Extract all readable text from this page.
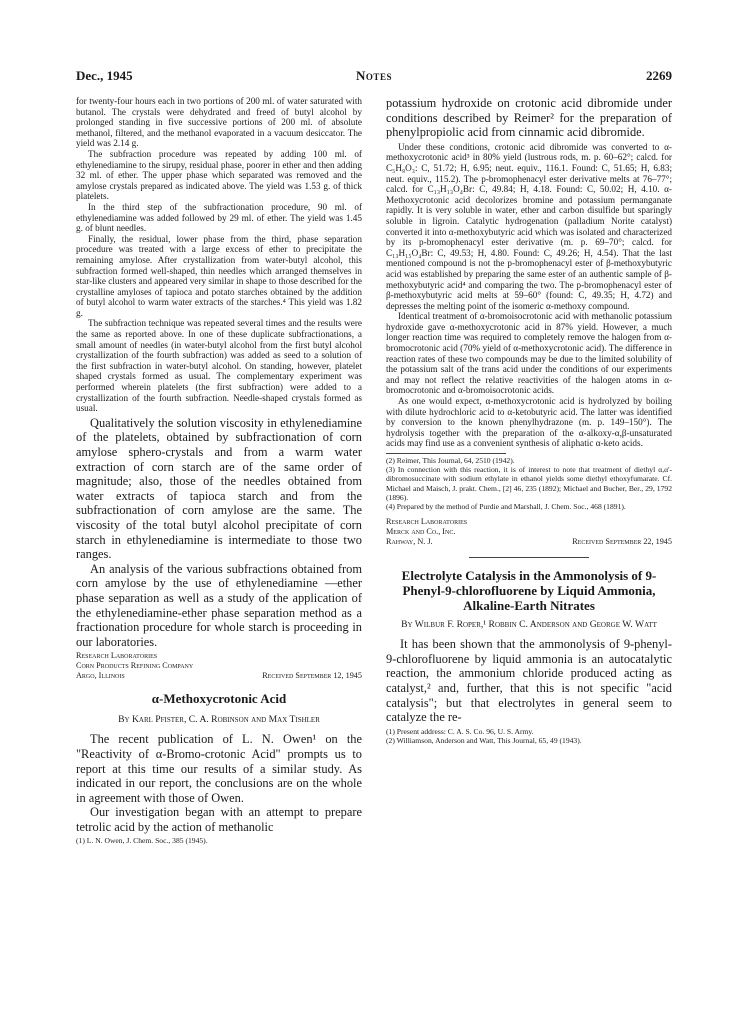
Dec., 1945	Notes	2269

for twenty-four hours each in two portions of 200 ml. of water saturated with butanol. The crystals were dehydrated and freed of butyl alcohol by prolonged standing in five successive portions of 200 ml. of absolute methanol, filtered, and the methanol evaporated in a vacuum desiccator. The yield was 2.14 g.

The subfraction procedure was repeated by adding 100 ml. of ethylenediamine to the sirupy, residual phase, poorer in ether and then adding 32 ml. of ether. The upper phase which separated was removed and the amylose crystals prepared as indicated above. The yield was 1.53 g. of thick platelets.

In the third step of the subfractionation procedure, 90 ml. of ethylenediamine was added followed by 29 ml. of ether. The yield was 1.45 g. of blunt needles.

Finally, the residual, lower phase from the third, phase separation procedure was treated with a large excess of ether to precipitate the remaining amylose. After crystallization from water-butyl alcohol, this subfraction formed well-shaped, thin needles which arranged themselves in star-like clusters and appeared very similar in shape to those described for the crystalline amyloses of tapioca and potato starches obtained by the addition of butyl alcohol to warm water extracts of the starches.⁴ This yield was 1.82 g.

The subfraction technique was repeated several times and the results were the same as reported above. In one of these duplicate subfractionations, a small amount of needles (in water-butyl alcohol from the first butyl alcohol crystallization of the fourth subfraction) was added as seed to a solution of the first subfraction in water-butyl alcohol. On standing, however, platelet shaped crystals formed as usual. The complementary experiment was performed wherein platelets (the first subfraction) were added to a crystallization of the fourth subfraction. Needle-shaped crystals formed as usual.

Qualitatively the solution viscosity in ethylenediamine of the platelets, obtained by subfractionation of corn amylose sphero-crystals and from a warm water extraction of corn starch are of the same order of magnitude; also, those of the needles obtained from water extracts of tapioca starch and from the subfractionation of corn amylose are the same. The viscosity of the total butyl alcohol precipitate of corn starch in ethylenediamine is intermediate to those two ranges.

An analysis of the various subfractions obtained from corn amylose by the use of ethylenediamine —ether phase separation as well as a study of the application of the ethylenediamine-ether phase separation method as a fractionation procedure for whole starch is proceeding in our laboratories.

Research Laboratories
Corn Products Refining Company
Argo, Illinois	Received September 12, 1945
α-Methoxycrotonic Acid
By Karl Pfister, C. A. Robinson and Max Tishler

The recent publication of L. N. Owen¹ on the "Reactivity of α-Bromo-crotonic Acid" prompts us to report at this time our results of a similar study. As indicated in our report, the conclusions are on the whole in agreement with those of Owen.

Our investigation began with an attempt to prepare tetrolic acid by the action of methanolic

(1) L. N. Owen, J. Chem. Soc., 385 (1945).

potassium hydroxide on crotonic acid dibromide under conditions described by Reimer² for the preparation of phenylpropiolic acid from cinnamic acid dibromide.

Under these conditions, crotonic acid dibromide was converted to α-methoxycrotonic acid³ in 80% yield (lustrous rods, m. p. 60–62°; calcd. for C₅H₈O₃: C, 51.72; H, 6.95; neut. equiv., 116.1. Found: C, 51.65; H, 6.83; neut. equiv., 115.2). The p-bromophenacyl ester derivative melts at 76–77°; calcd. for C₁₃H₁₃O₄Br: C, 49.84; H, 4.18. Found: C, 50.02; H, 4.10. α-Methoxycrotonic acid decolorizes bromine and potassium permanganate rapidly. It is very soluble in water, ether and carbon disulfide but sparingly soluble in ligroin. Catalytic hydrogenation (palladium Norite catalyst) converted it into α-methoxybutyric acid which was isolated and characterized by its p-bromophenacyl ester derivative (m. p. 69–70°; calcd. for C₁₃H₁₅O₄Br: C, 49.53; H, 4.80. Found: C, 49.26; H, 4.54). That the last mentioned compound is not the p-bromophenacyl ester of β-methoxybutyric acid was established by preparing the same ester of an authentic sample of β-methoxybutyric acid⁴ and comparing the two. The p-bromophenacyl ester of β-methoxybutyric acid melts at 59–60° (found: C, 49.35; H, 4.72) and depresses the melting point of the isomeric α-methoxy compound.

Identical treatment of α-bromoisocrotonic acid with methanolic potassium hydroxide gave α-methoxycrotonic acid in 87% yield. However, a much longer reaction time was required to completely remove the halogen from α-bromocrotonic acid (70% yield of α-methoxycrotonic acid). The difference in reaction rates of these two compounds may be due to the limited solubility of the potassium salt of the trans acid under the conditions of our experiments and may not reflect the relative reactivities of the halogen atoms in α-bromocrotonic and α-bromoisocrotonic acids.

As one would expect, α-methoxycrotonic acid is hydrolyzed by boiling with dilute hydrochloric acid to α-ketobutyric acid. The latter was identified by conversion to the known phenylhydrazone (m. p. 149–150°). The hydrolysis together with the preparation of the α-alkoxy-α,β-unsaturated acids may find use as a convenient synthesis of aliphatic α-keto acids.

(2) Reimer, This Journal, 64, 2510 (1942).

(3) In connection with this reaction, it is of interest to note that treatment of diethyl α,α'-dibromosuccinate with sodium ethylate in ethanol yields some diethyl ethoxyfumarate. Cf. Michael and Maisch, J. prakt. Chem., [2] 46, 235 (1892); Michael and Bucher, Ber., 29, 1792 (1896).

(4) Prepared by the method of Purdie and Marshall, J. Chem. Soc., 468 (1891).

Research Laboratories
Merck and Co., Inc.
Rahway, N. J.	Received September 22, 1945
Electrolyte Catalysis in the Ammonolysis of 9-Phenyl-9-chlorofluorene by Liquid Ammonia, Alkaline-Earth Nitrates
By Wilbur F. Roper,¹ Robbin C. Anderson and George W. Watt

It has been shown that the ammonolysis of 9-phenyl-9-chlorofluorene by liquid ammonia is an autocatalytic reaction, the ammonium chloride produced acting as catalyst,² and, further, that this is not specific "acid catalysis"; but that electrolytes in general seem to catalyze the re-

(1) Present address: C. A. S. Co. 96, U. S. Army.

(2) Williamson, Anderson and Watt, This Journal, 65, 49 (1943).
